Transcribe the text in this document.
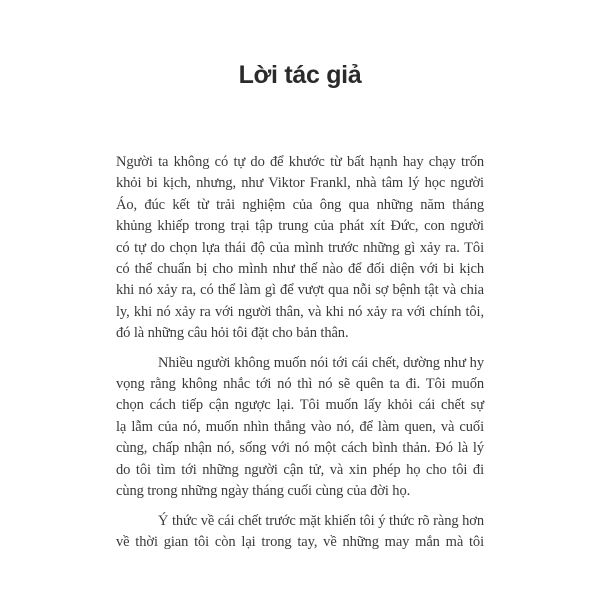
Lời tác giả
Người ta không có tự do để khước từ bất hạnh hay chạy trốn
khỏi bi kịch, nhưng, như Viktor Frankl, nhà tâm lý học người
Áo, đúc kết từ trải nghiệm của ông qua những năm tháng
khủng khiếp trong trại tập trung của phát xít Đức, con người
có tự do chọn lựa thái độ của mình trước những gì xảy ra. Tôi
có thể chuẩn bị cho mình như thế nào để đối diện với bi kịch
khi nó xảy ra, có thể làm gì để vượt qua nỗi sợ bệnh tật và chia
ly, khi nó xảy ra với người thân, và khi nó xảy ra với chính tôi,
đó là những câu hỏi tôi đặt cho bản thân.
Nhiều người không muốn nói tới cái chết, dường như hy
vọng rằng không nhắc tới nó thì nó sẽ quên ta đi. Tôi muốn
chọn cách tiếp cận ngược lại. Tôi muốn lấy khỏi cái chết sự
lạ lẫm của nó, muốn nhìn thẳng vào nó, để làm quen, và cuối
cùng, chấp nhận nó, sống với nó một cách bình thản. Đó là lý
do tôi tìm tới những người cận tử, và xin phép họ cho tôi đi
cùng trong những ngày tháng cuối cùng của đời họ.
Ý thức về cái chết trước mặt khiến tôi ý thức rõ ràng hơn
về thời gian tôi còn lại trong tay, về những may mắn mà tôi
